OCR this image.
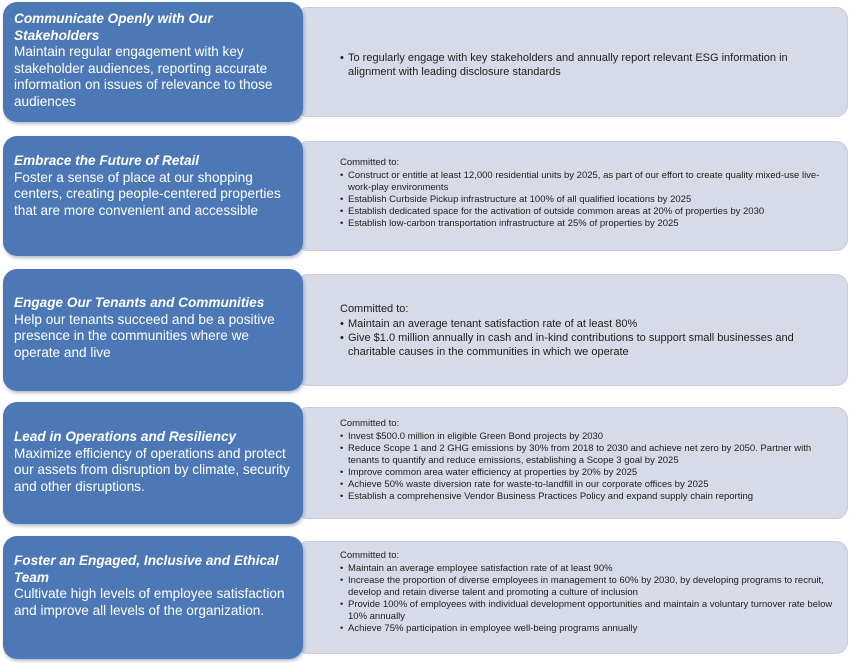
Communicate Openly with Our Stakeholders
Maintain regular engagement with key stakeholder audiences, reporting accurate information on issues of relevance to those audiences
• To regularly engage with key stakeholders and annually report relevant ESG information in alignment with leading disclosure standards
Embrace the Future of Retail
Foster a sense of place at our shopping centers, creating people-centered properties that are more convenient and accessible
Committed to:
• Construct or entitle at least 12,000 residential units by 2025, as part of our effort to create quality mixed-use live-work-play environments
• Establish Curbside Pickup infrastructure at 100% of all qualified locations by 2025
• Establish dedicated space for the activation of outside common areas at 20% of properties by 2030
• Establish low-carbon transportation infrastructure at 25% of properties by 2025
Engage Our Tenants and Communities
Help our tenants succeed and be a positive presence in the communities where we operate and live
Committed to:
• Maintain an average tenant satisfaction rate of at least 80%
• Give $1.0 million annually in cash and in-kind contributions to support small businesses and charitable causes in the communities in which we operate
Lead in Operations and Resiliency
Maximize efficiency of operations and protect our assets from disruption by climate, security and other disruptions.
Committed to:
• Invest $500.0 million in eligible Green Bond projects by 2030
• Reduce Scope 1 and 2 GHG emissions by 30% from 2018 to 2030 and achieve net zero by 2050. Partner with tenants to quantify and reduce emissions, establishing a Scope 3 goal by 2025
• Improve common area water efficiency at properties by 20% by 2025
• Achieve 50% waste diversion rate for waste-to-landfill in our corporate offices by 2025
• Establish a comprehensive Vendor Business Practices Policy and expand supply chain reporting
Foster an Engaged, Inclusive and Ethical Team
Cultivate high levels of employee satisfaction and improve all levels of the organization.
Committed to:
• Maintain an average employee satisfaction rate of at least 90%
• Increase the proportion of diverse employees in management to 60% by 2030, by developing programs to recruit, develop and retain diverse talent and promoting a culture of inclusion
• Provide 100% of employees with individual development opportunities and maintain a voluntary turnover rate below 10% annually
• Achieve 75% participation in employee well-being programs annually
